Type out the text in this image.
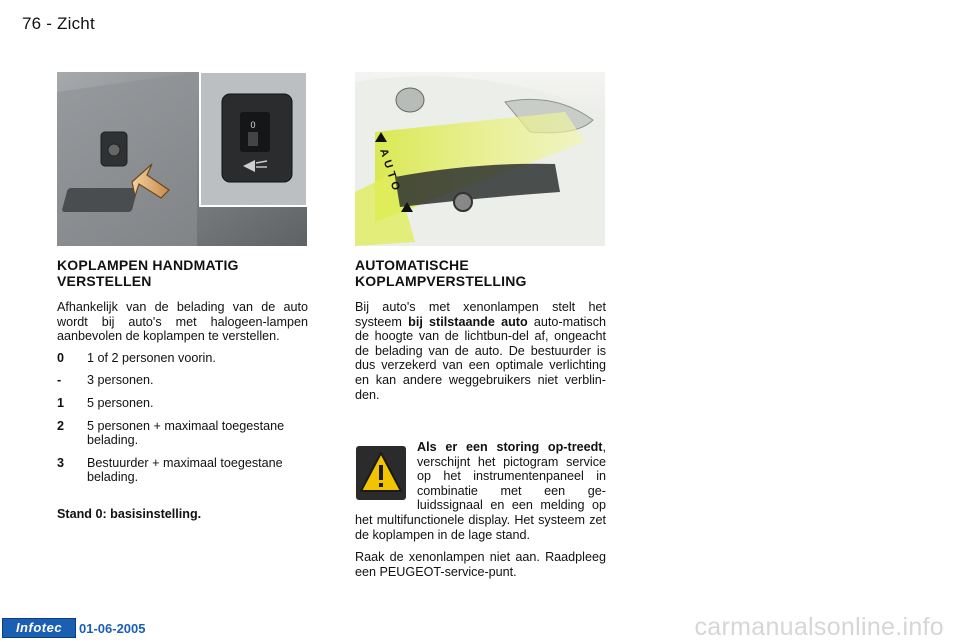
76 - Zicht
0
AUTO
KOPLAMPEN HANDMATIG
VERSTELLEN
Afhankelijk van de belading van de auto wordt bij auto's met halogeen-lampen aanbevolen de koplampen te verstellen.
0	1 of 2 personen voorin.
-	3 personen.
1	5 personen.
2	5 personen + maximaal toegestane belading.
3	Bestuurder + maximaal toegestane belading.
Stand 0: basisinstelling.
AUTOMATISCHE
KOPLAMPVERSTELLING
Bij auto's met xenonlampen stelt het systeem bij stilstaande auto auto-matisch de hoogte van de lichtbun-del af, ongeacht de belading van de auto. De bestuurder is dus verzekerd van een optimale verlichting en kan andere weggebruikers niet verblin-den.
Als er een storing op-treedt, verschijnt het pictogram service op het instrumentenpaneel in combinatie met een ge-luidssignaal en een melding op het multifunctionele display. Het systeem zet de koplampen in de lage stand.
Raak de xenonlampen niet aan. Raadpleeg een PEUGEOT-service-punt.
Infotec	01-06-2005	carmanualsonline.info
